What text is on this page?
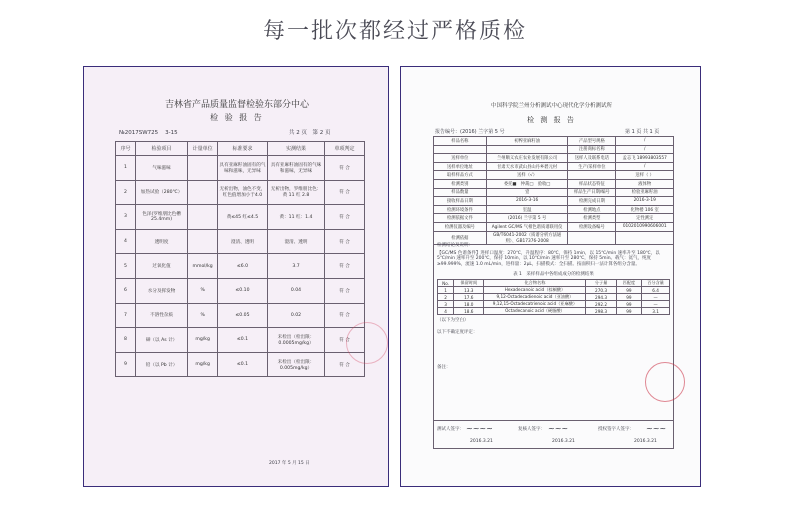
每一批次都经过严格质检
吉林省产品质量监督检验东部分中心
检 验 报 告
№2017SW725 3-15	共 2 页　第 2 页
序号	检验项目	计量单位	标准要求	实测结果	单项判定
1	气味滋味		具有亚麻籽油固有的气味和滋味，无异味	具有亚麻籽油固有的气味和滋味，无异味	符 合
2	加热试验（280℃）		无析出物，油色不变，红色值增加小于4.0	无析出物，罗维朋比色：黄 11 红 2.8	符 合
3	色泽(罗维朋比色槽 25.4mm)		黄≤45 红≤4.5	黄：11 红：1.4	符 合
4	透明度		澄清、透明	澄清、透明	符 合
5	过氧化值	mmol/kg	≤6.0	3.7	符 合
6	水分及挥发物	%	≤0.10	0.04	符 合
7	不溶性杂质	%	≤0.05	0.02	符 合
8	砷（以 As 计）	mg/kg	≤0.1	未检出（检出限：0.0005mg/kg）	符 合
9	铅（以 Pb 计）	mg/kg	≤0.1	未检出（检出限：0.005mg/kg）	符 合
2017 年 5 月 15 日
中国科学院兰州分析测试中心现代化学分析测试所
检 测 报 告
报告编号：(2016) 兰字第 5 号	第 1 页 共 1 页
样品名称	初榨亚麻籽油	产品型号规格	/
		注册商标名称	/
送样单位	兰州顺义农庄农业发展有限公司	送样人及联系电话	孟志飞 18993803557
送样单位地址	甘肃天水市武山县山丹乡碧元村	生产/采样单位	/
取样样品方式	送样（√）		送样（ ）
检测类别	委托■　仲裁□　验收□	样品状态特征	液体物
样品数量	壹	样品生产日期/编号	检验亚麻籽油
接收样品日期	2016-3-16	检测完成日期	2016-3-19
检测环境条件	室温	检测地点	化物楼 106 室
检测依据文件	(2016) 兰字第 5 号	检测类型	定性测定
检测仪器及编号	Agilent GC/MS 气相色谱质谱联用仪	检测设备编号	0102010990606001
检测依据	GB/T6041-2002（质谱分析方法通则）、GB17376-2008		
检测结论及说明：
【GC/MS 色谱条件】进样口温度：270℃，升温程序：80℃，保持 1min，以 15℃/min 速率升至 180℃，以 5℃/min 速率升至 200℃，保持 10min，以 10℃/min 速率升至 280℃，保持 5min。载气：氦气，纯度≥99.999%，流速 1.0 mL/min，进样量：2μL，扫描模式：全扫描。按面积归一法计算各组分含量。
表 1　采样样品中各组成成分的检测结果
No.	保留时间	化合物名称	分子量	匹配度	百分含量
1	13.3	Hexadecanoic acid（棕榈酸）	270.3	99	6.4
2	17.6	9,12-Octadecadienoic acid（亚油酸）	294.3	99	—
3	18.0	9,12,15-Octadecatrienoic acid（亚麻酸）	292.2	99	—
4	18.6	Octadecanoic acid（硬脂酸）	298.3	99	3.1
（以下为空白）
以下不确定度评定：
备注：
测试人签字： ~~~~
2016.3.21
复核人签字： ~~~
2016.3.21
授权签字人签字： ~~~
2016.3.21
